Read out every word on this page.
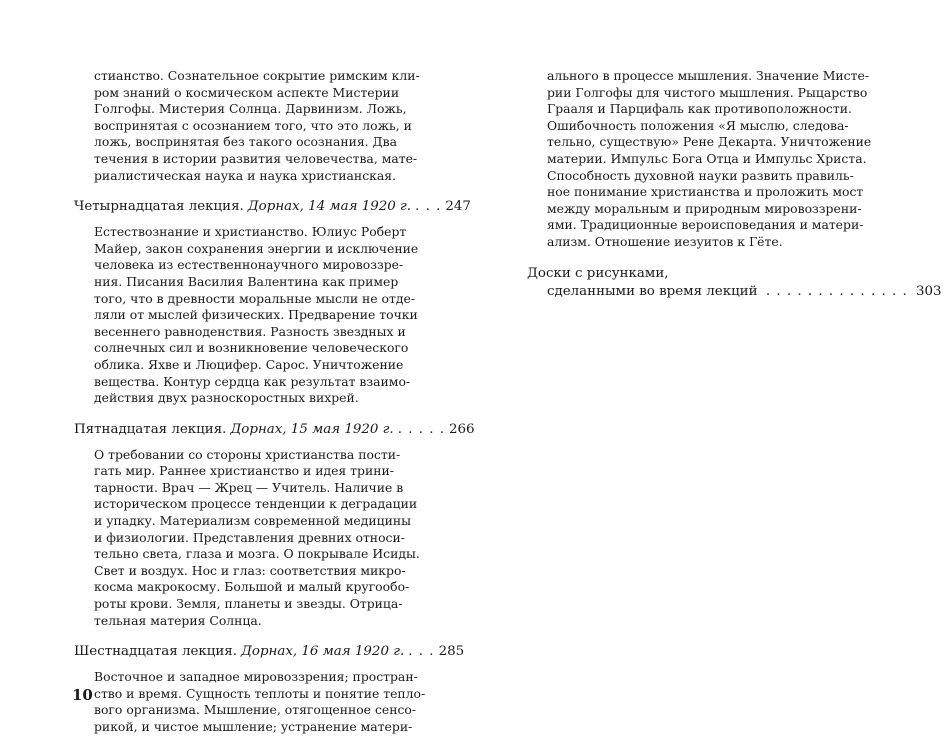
стианство. Сознательное сокрытие римским кли-
ром знаний о космическом аспекте Мистерии
Голгофы. Мистерия Солнца. Дарвинизм. Ложь,
воспринятая с осознанием того, что это ложь, и
ложь, воспринятая без такого осознания. Два
течения в истории развития человечества, мате-
риалистическая наука и наука христианская.
Четырнадцатая лекция. Дорнах, 14 мая 1920 г. . . . 247
Естествознание и христианство. Юлиус Роберт
Майер, закон сохранения энергии и исключение
человека из естественнонаучного мировоззре-
ния. Писания Василия Валентина как пример
того, что в древности моральные мысли не отде-
ляли от мыслей физических. Предварение точки
весеннего равноденствия. Разность звездных и
солнечных сил и возникновение человеческого
облика. Яхве и Люцифер. Сарос. Уничтожение
вещества. Контур сердца как результат взаимо-
действия двух разноскоростных вихрей.
Пятнадцатая лекция. Дорнах, 15 мая 1920 г. . . . . . 266
О требовании со стороны христианства пости-
гать мир. Раннее христианство и идея трини-
тарности. Врач — Жрец — Учитель. Наличие в
историческом процессе тенденции к деградации
и упадку. Материализм современной медицины
и физиологии. Представления древних относи-
тельно света, глаза и мозга. О покрывале Исиды.
Свет и воздух. Нос и глаз: соответствия микро-
косма макрокосму. Большой и малый кругообо-
роты крови. Земля, планеты и звезды. Отрица-
тельная материя Солнца.
Шестнадцатая лекция. Дорнах, 16 мая 1920 г. . . . 285
Восточное и западное мировоззрения; простран-
ство и время. Сущность теплоты и понятие тепло-
вого организма. Мышление, отягощенное сенсо-
рикой, и чистое мышление; устранение матери-
ального в процессе мышления. Значение Мисте-
рии Голгофы для чистого мышления. Рыцарство
Грааля и Парцифаль как противоположности.
Ошибочность положения «Я мыслю, следова-
тельно, существую» Рене Декарта. Уничтожение
материи. Импульс Бога Отца и Импульс Христа.
Способность духовной науки развить правиль-
ное понимание христианства и проложить мост
между моральным и природным мировоззрени-
ями. Традиционные вероисповедания и матери-
ализм. Отношение иезуитов к Гёте.
Доски с рисунками,
сделанными во время лекций . . . . . . . . . . . . . . 303
10
